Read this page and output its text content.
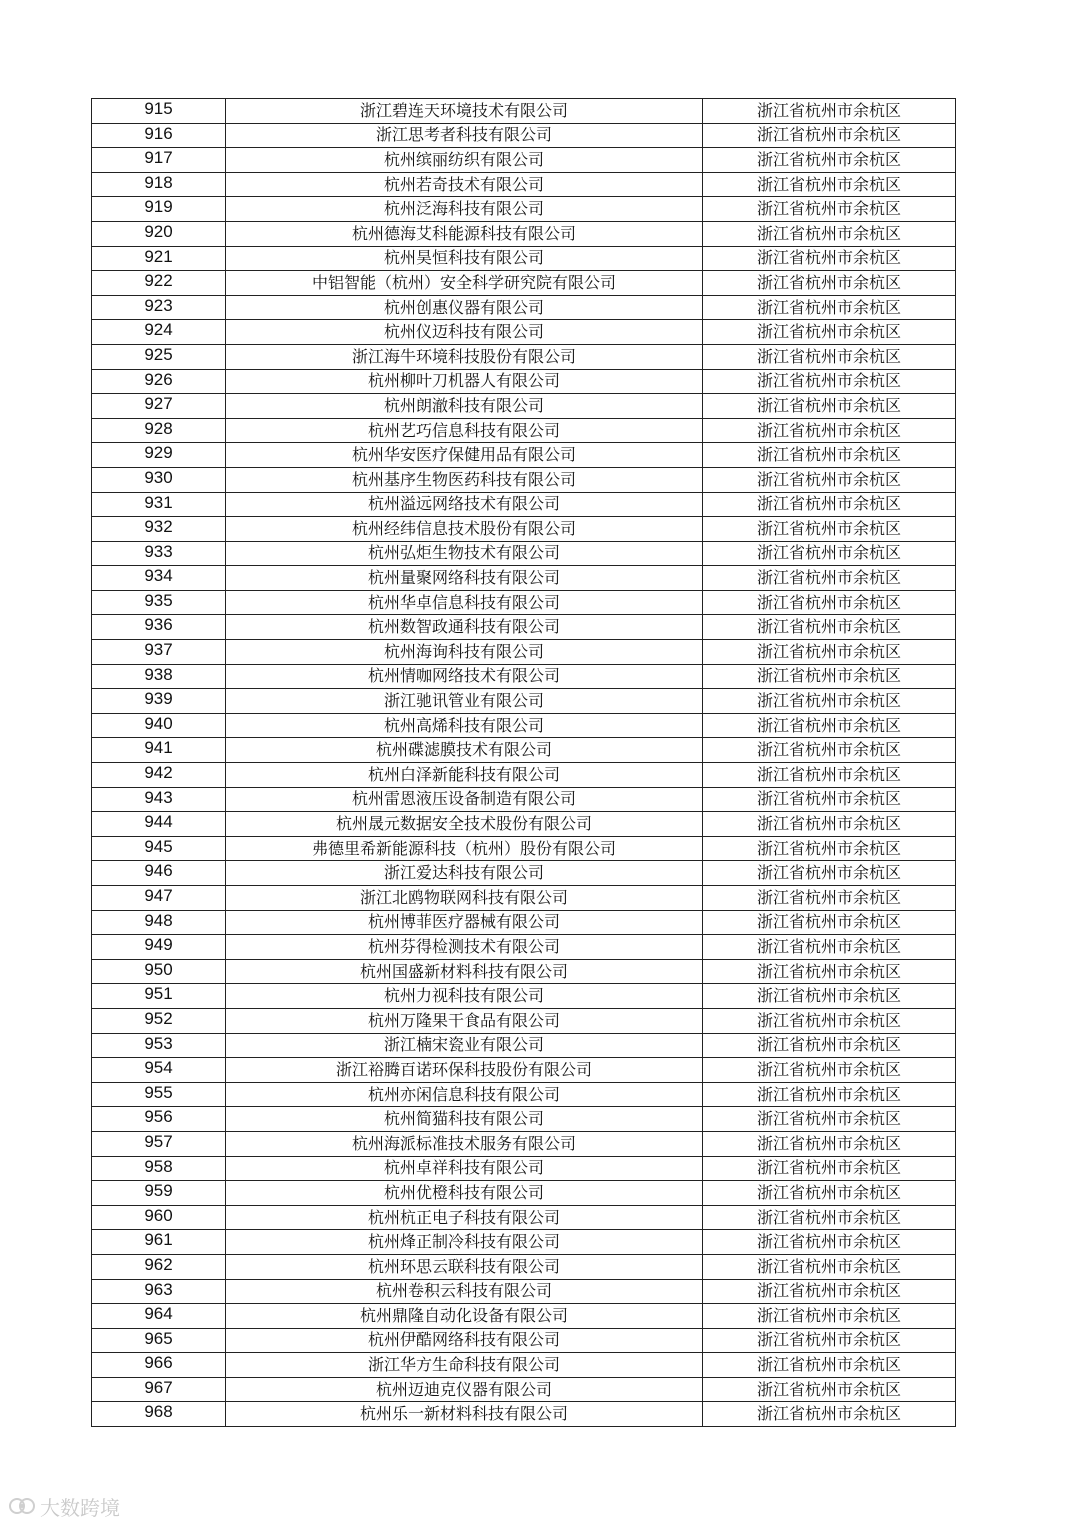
915	浙江碧连天环境技术有限公司	浙江省杭州市余杭区
916	浙江思考者科技有限公司	浙江省杭州市余杭区
917	杭州缤丽纺织有限公司	浙江省杭州市余杭区
918	杭州若奇技术有限公司	浙江省杭州市余杭区
919	杭州泛海科技有限公司	浙江省杭州市余杭区
920	杭州德海艾科能源科技有限公司	浙江省杭州市余杭区
921	杭州昊恒科技有限公司	浙江省杭州市余杭区
922	中铝智能（杭州）安全科学研究院有限公司	浙江省杭州市余杭区
923	杭州创惠仪器有限公司	浙江省杭州市余杭区
924	杭州仪迈科技有限公司	浙江省杭州市余杭区
925	浙江海牛环境科技股份有限公司	浙江省杭州市余杭区
926	杭州柳叶刀机器人有限公司	浙江省杭州市余杭区
927	杭州朗澈科技有限公司	浙江省杭州市余杭区
928	杭州艺巧信息科技有限公司	浙江省杭州市余杭区
929	杭州华安医疗保健用品有限公司	浙江省杭州市余杭区
930	杭州基序生物医药科技有限公司	浙江省杭州市余杭区
931	杭州溢远网络技术有限公司	浙江省杭州市余杭区
932	杭州经纬信息技术股份有限公司	浙江省杭州市余杭区
933	杭州弘炬生物技术有限公司	浙江省杭州市余杭区
934	杭州量聚网络科技有限公司	浙江省杭州市余杭区
935	杭州华卓信息科技有限公司	浙江省杭州市余杭区
936	杭州数智政通科技有限公司	浙江省杭州市余杭区
937	杭州海询科技有限公司	浙江省杭州市余杭区
938	杭州情咖网络技术有限公司	浙江省杭州市余杭区
939	浙江驰讯管业有限公司	浙江省杭州市余杭区
940	杭州高烯科技有限公司	浙江省杭州市余杭区
941	杭州碟滤膜技术有限公司	浙江省杭州市余杭区
942	杭州白泽新能科技有限公司	浙江省杭州市余杭区
943	杭州雷恩液压设备制造有限公司	浙江省杭州市余杭区
944	杭州晟元数据安全技术股份有限公司	浙江省杭州市余杭区
945	弗德里希新能源科技（杭州）股份有限公司	浙江省杭州市余杭区
946	浙江爱达科技有限公司	浙江省杭州市余杭区
947	浙江北鸥物联网科技有限公司	浙江省杭州市余杭区
948	杭州博菲医疗器械有限公司	浙江省杭州市余杭区
949	杭州芬得检测技术有限公司	浙江省杭州市余杭区
950	杭州国盛新材料科技有限公司	浙江省杭州市余杭区
951	杭州力视科技有限公司	浙江省杭州市余杭区
952	杭州万隆果干食品有限公司	浙江省杭州市余杭区
953	浙江楠宋瓷业有限公司	浙江省杭州市余杭区
954	浙江裕腾百诺环保科技股份有限公司	浙江省杭州市余杭区
955	杭州亦闲信息科技有限公司	浙江省杭州市余杭区
956	杭州简猫科技有限公司	浙江省杭州市余杭区
957	杭州海派标准技术服务有限公司	浙江省杭州市余杭区
958	杭州卓祥科技有限公司	浙江省杭州市余杭区
959	杭州优橙科技有限公司	浙江省杭州市余杭区
960	杭州杭正电子科技有限公司	浙江省杭州市余杭区
961	杭州烽正制冷科技有限公司	浙江省杭州市余杭区
962	杭州环思云联科技有限公司	浙江省杭州市余杭区
963	杭州卷积云科技有限公司	浙江省杭州市余杭区
964	杭州鼎隆自动化设备有限公司	浙江省杭州市余杭区
965	杭州伊酷网络科技有限公司	浙江省杭州市余杭区
966	浙江华方生命科技有限公司	浙江省杭州市余杭区
967	杭州迈迪克仪器有限公司	浙江省杭州市余杭区
968	杭州乐一新材料科技有限公司	浙江省杭州市余杭区
大数跨境
